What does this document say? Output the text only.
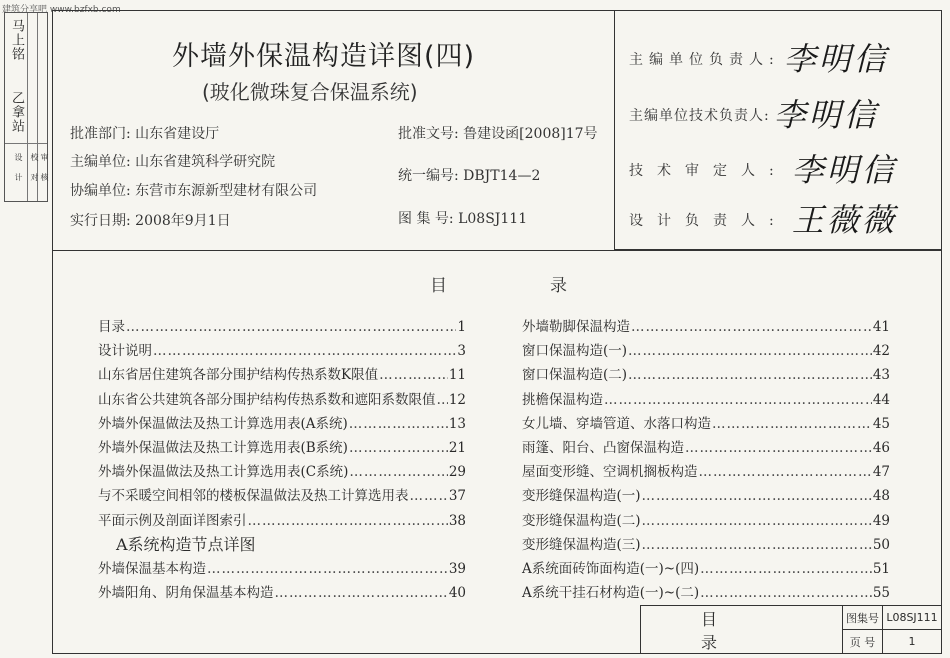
建筑分享吧 www.bzfxb.com
马上铭
乙拿站
校
对
审
核
设
计
外墙外保温构造详图(四)
(玻化微珠复合保温系统)
批准部门: 山东省建设厅
主编单位: 山东省建筑科学研究院
协编单位: 东营市东源新型建材有限公司
实行日期: 2008年9月1日
批准文号: 鲁建设函[2008]17号
统一编号: DBJT14—2
图 集 号: L08SJ111
主编单位负责人: 李明信
主编单位技术负责人: 李明信
技术审定人: 李明信
设计负责人: 王薇薇
目	录
目录 ………………………………………………………………………………………………………………	1
设计说明 ………………………………………………………………………………………………………………	3
山东省居住建筑各部分围护结构传热系数K限值 ………………………………………………………………………………………………………………	11
山东省公共建筑各部分围护结构传热系数和遮阳系数限值 ……………………………………………………………………………………………………………… 12
外墙外保温做法及热工计算选用表(A系统) ………………………………………………………………………………………………………………	13
外墙外保温做法及热工计算选用表(B系统) ………………………………………………………………………………………………………………	21
外墙外保温做法及热工计算选用表(C系统) ………………………………………………………………………………………………………………	29
与不采暖空间相邻的楼板保温做法及热工计算选用表 ………………………………………………………………………………………………………………	37
平面示例及剖面详图索引 ………………………………………………………………………………………………………………	38
A系统构造节点详图
外墙保温基本构造 ………………………………………………………………………………………………………………	39
外墙阳角、阴角保温基本构造 ………………………………………………………………………………………………………………	40
外墙勒脚保温构造 ………………………………………………………………………………………………………………	41
窗口保温构造(一) ………………………………………………………………………………………………………………	42
窗口保温构造(二) ………………………………………………………………………………………………………………	43
挑檐保温构造 ………………………………………………………………………………………………………………	44
女儿墙、穿墙管道、水落口构造 ………………………………………………………………………………………………………………	45
雨篷、阳台、凸窗保温构造 ………………………………………………………………………………………………………………	46
屋面变形缝、空调机搁板构造 ………………………………………………………………………………………………………………	47
变形缝保温构造(一) ………………………………………………………………………………………………………………	48
变形缝保温构造(二) ………………………………………………………………………………………………………………	49
变形缝保温构造(三) ………………………………………………………………………………………………………………	50
A系统面砖饰面构造(一)~(四) ………………………………………………………………………………………………………………	51
A系统干挂石材构造(一)~(二) ………………………………………………………………………………………………………………	55
目录
图集号 L08SJ111
页 号	1
